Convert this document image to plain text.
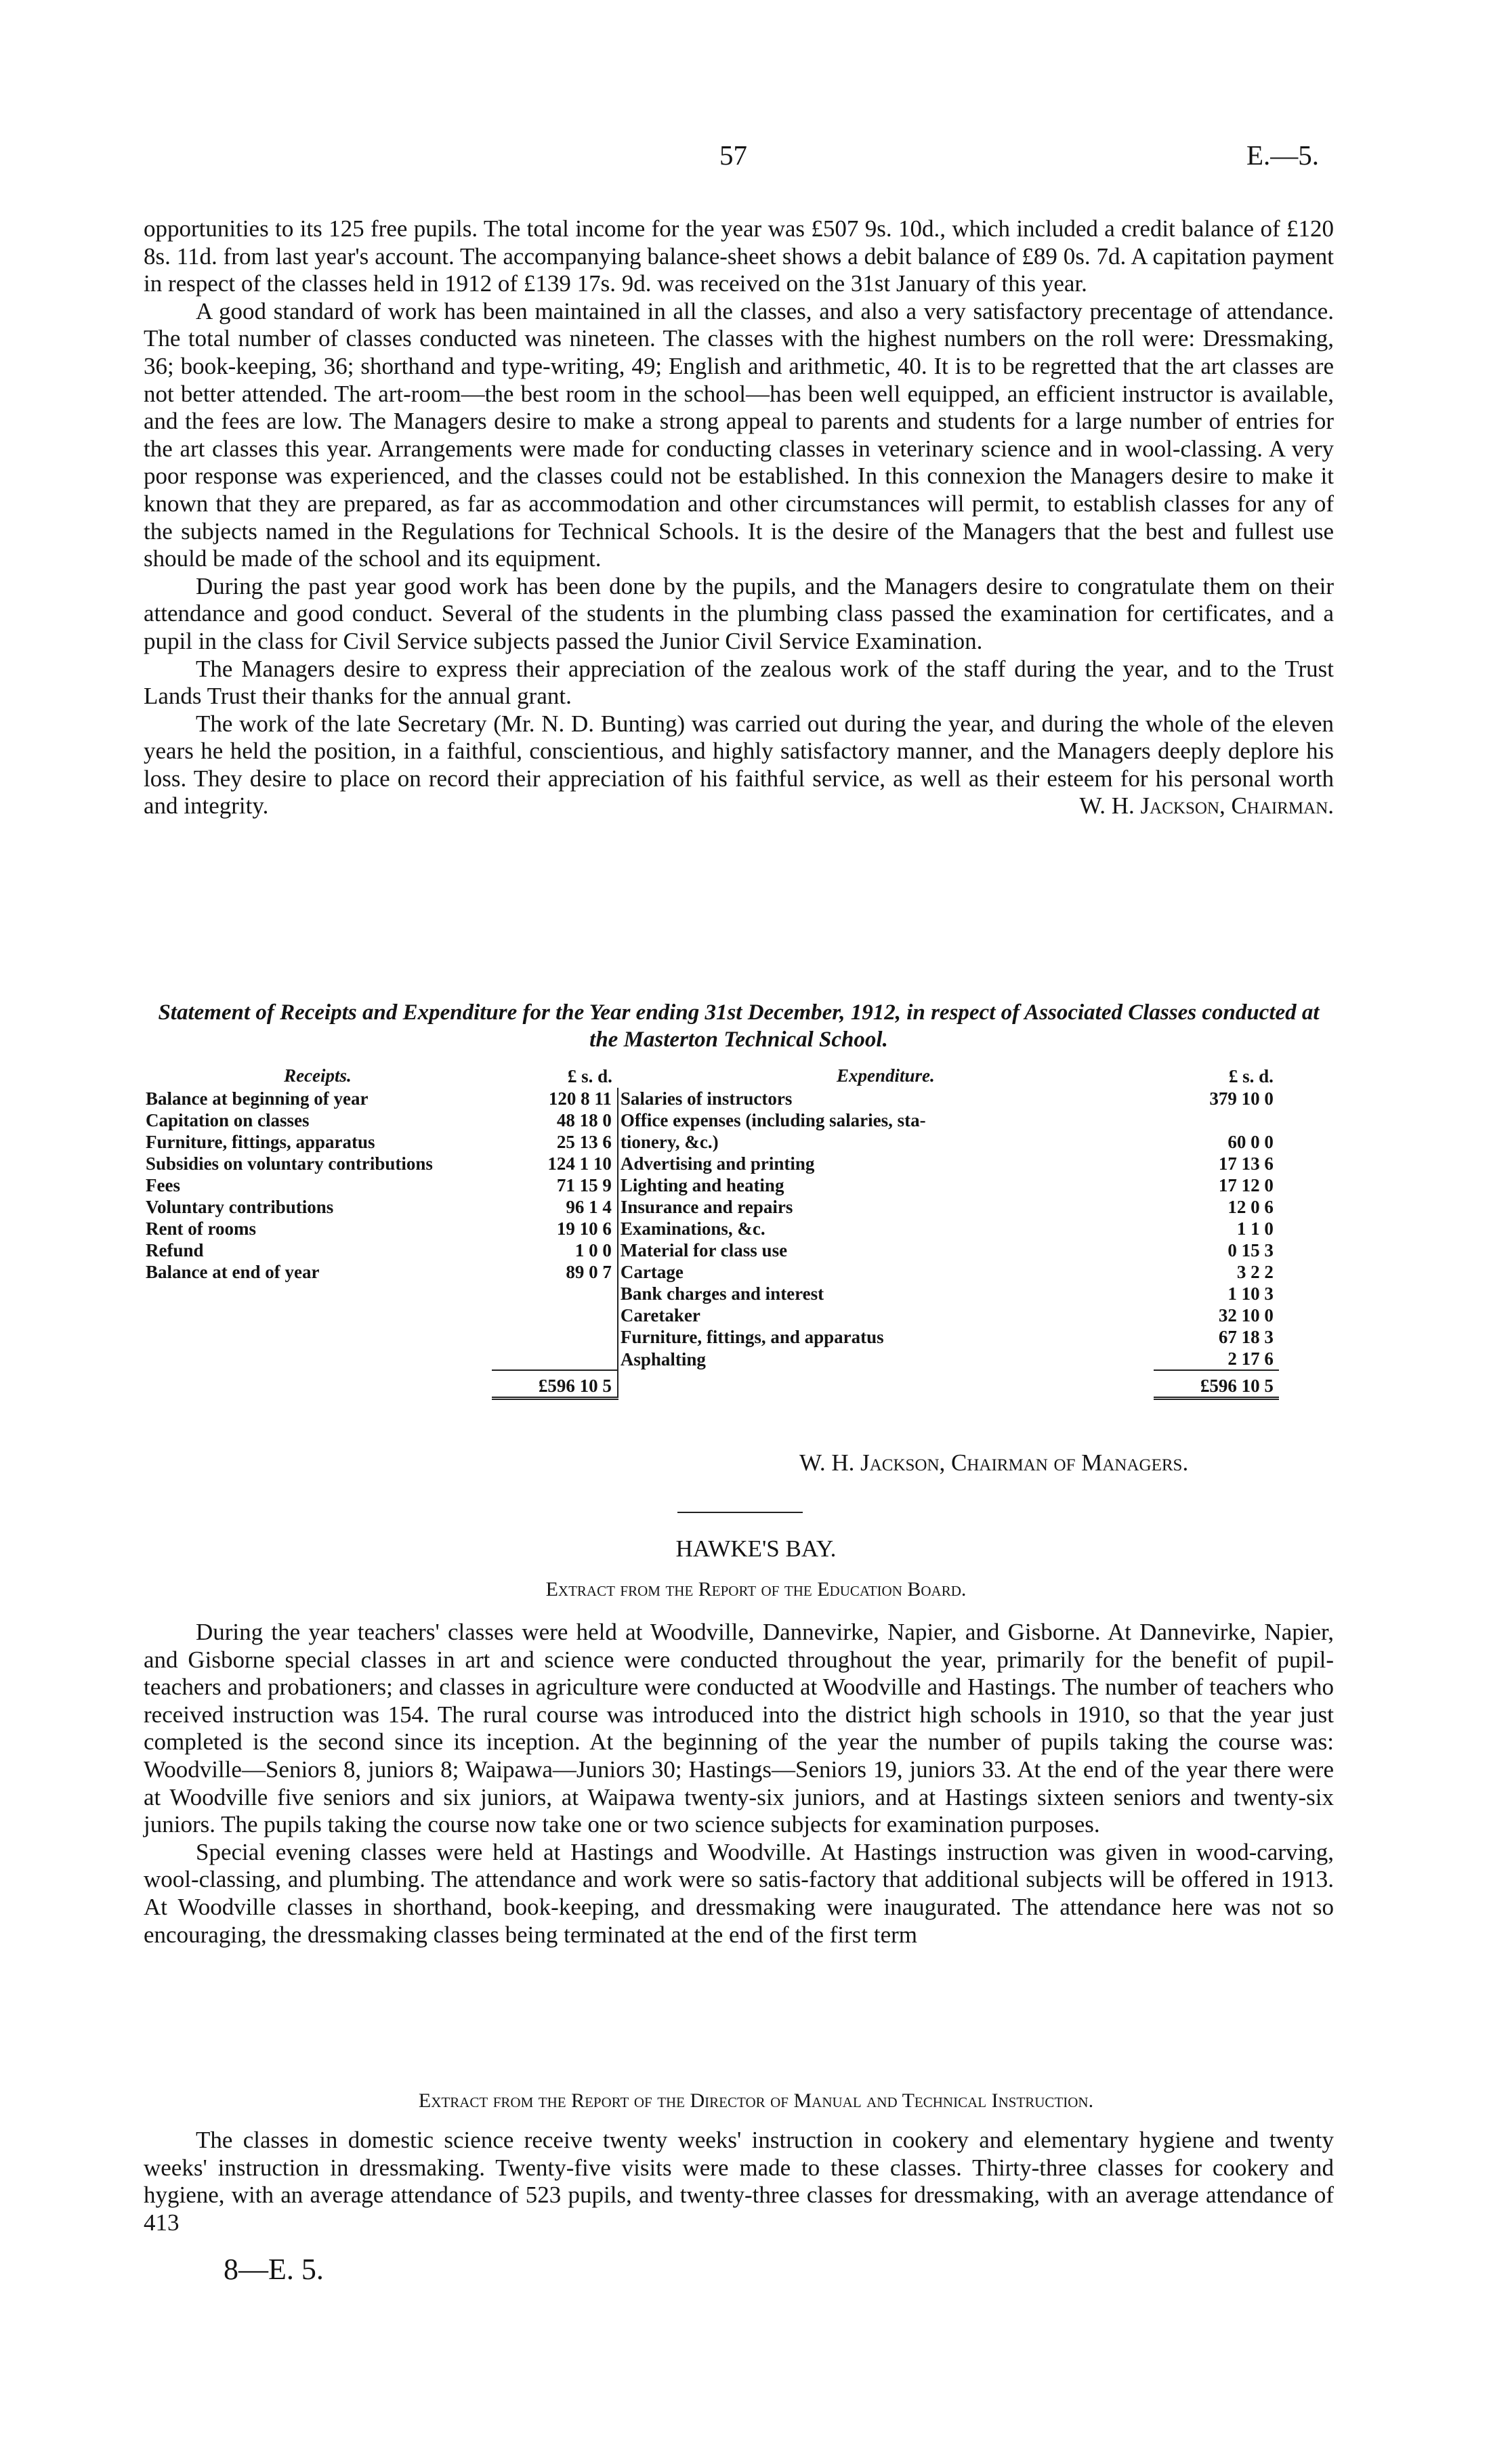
57	E.—5.

opportunities to its 125 free pupils. The total income for the year was £507 9s. 10d., which included a credit balance of £120 8s. 11d. from last year's account. The accompanying balance-sheet shows a debit balance of £89 0s. 7d. A capitation payment in respect of the classes held in 1912 of £139 17s. 9d. was received on the 31st January of this year.

A good standard of work has been maintained in all the classes, and also a very satisfactory precentage of attendance. The total number of classes conducted was nineteen. The classes with the highest numbers on the roll were: Dressmaking, 36; book-keeping, 36; shorthand and type-writing, 49; English and arithmetic, 40. It is to be regretted that the art classes are not better attended. The art-room—the best room in the school—has been well equipped, an efficient instructor is available, and the fees are low. The Managers desire to make a strong appeal to parents and students for a large number of entries for the art classes this year. Arrangements were made for conducting classes in veterinary science and in wool-classing. A very poor response was experienced, and the classes could not be established. In this connexion the Managers desire to make it known that they are prepared, as far as accommodation and other circumstances will permit, to establish classes for any of the subjects named in the Regulations for Technical Schools. It is the desire of the Managers that the best and fullest use should be made of the school and its equipment.

During the past year good work has been done by the pupils, and the Managers desire to congratulate them on their attendance and good conduct. Several of the students in the plumbing class passed the examination for certificates, and a pupil in the class for Civil Service subjects passed the Junior Civil Service Examination.

The Managers desire to express their appreciation of the zealous work of the staff during the year, and to the Trust Lands Trust their thanks for the annual grant.

The work of the late Secretary (Mr. N. D. Bunting) was carried out during the year, and during the whole of the eleven years he held the position, in a faithful, conscientious, and highly satisfactory manner, and the Managers deeply deplore his loss. They desire to place on record their appreciation of his faithful service, as well as their esteem for his personal worth and integrity.	W. H. Jackson, Chairman.
Statement of Receipts and Expenditure for the Year ending 31st December, 1912, in respect of Associated Classes conducted at the Masterton Technical School.
Receipts.		£ s. d.	Expenditure.		£ s. d.
Balance at beginning of year		120 8 11	Salaries of instructors		379 10 0
Capitation on classes		48 18 0	Office expenses (including salaries, sta-		
Furniture, fittings, apparatus		25 13 6	tionery, &c.)		60 0 0
Subsidies on voluntary contributions		124 1 10	Advertising and printing		17 13 6
Fees		71 15 9	Lighting and heating		17 12 0
Voluntary contributions		96 1 4	Insurance and repairs		12 0 6
Rent of rooms		19 10 6	Examinations, &c.		1 1 0
Refund		1 0 0	Material for class use		0 15 3
Balance at end of year		89 0 7	Cartage		3 2 2
			Bank charges and interest		1 10 3
			Caretaker		32 10 0
			Furniture, fittings, and apparatus		67 18 3
			Asphalting		2 17 6
		£596 10 5			£596 10 5
W. H. Jackson, Chairman of Managers.
HAWKE'S BAY.
Extract from the Report of the Education Board.

During the year teachers' classes were held at Woodville, Dannevirke, Napier, and Gisborne. At Dannevirke, Napier, and Gisborne special classes in art and science were conducted throughout the year, primarily for the benefit of pupil-teachers and probationers; and classes in agriculture were conducted at Woodville and Hastings. The number of teachers who received instruction was 154. The rural course was introduced into the district high schools in 1910, so that the year just completed is the second since its inception. At the beginning of the year the number of pupils taking the course was: Woodville—Seniors 8, juniors 8; Waipawa—Juniors 30; Hastings—Seniors 19, juniors 33. At the end of the year there were at Woodville five seniors and six juniors, at Waipawa twenty-six juniors, and at Hastings sixteen seniors and twenty-six juniors. The pupils taking the course now take one or two science subjects for examination purposes.

Special evening classes were held at Hastings and Woodville. At Hastings instruction was given in wood-carving, wool-classing, and plumbing. The attendance and work were so satis-factory that additional subjects will be offered in 1913. At Woodville classes in shorthand, book-keeping, and dressmaking were inaugurated. The attendance here was not so encouraging, the dressmaking classes being terminated at the end of the first term

Extract from the Report of the Director of Manual and Technical Instruction.

The classes in domestic science receive twenty weeks' instruction in cookery and elementary hygiene and twenty weeks' instruction in dressmaking. Twenty-five visits were made to these classes. Thirty-three classes for cookery and hygiene, with an average attendance of 523 pupils, and twenty-three classes for dressmaking, with an average attendance of 413

8—E. 5.
